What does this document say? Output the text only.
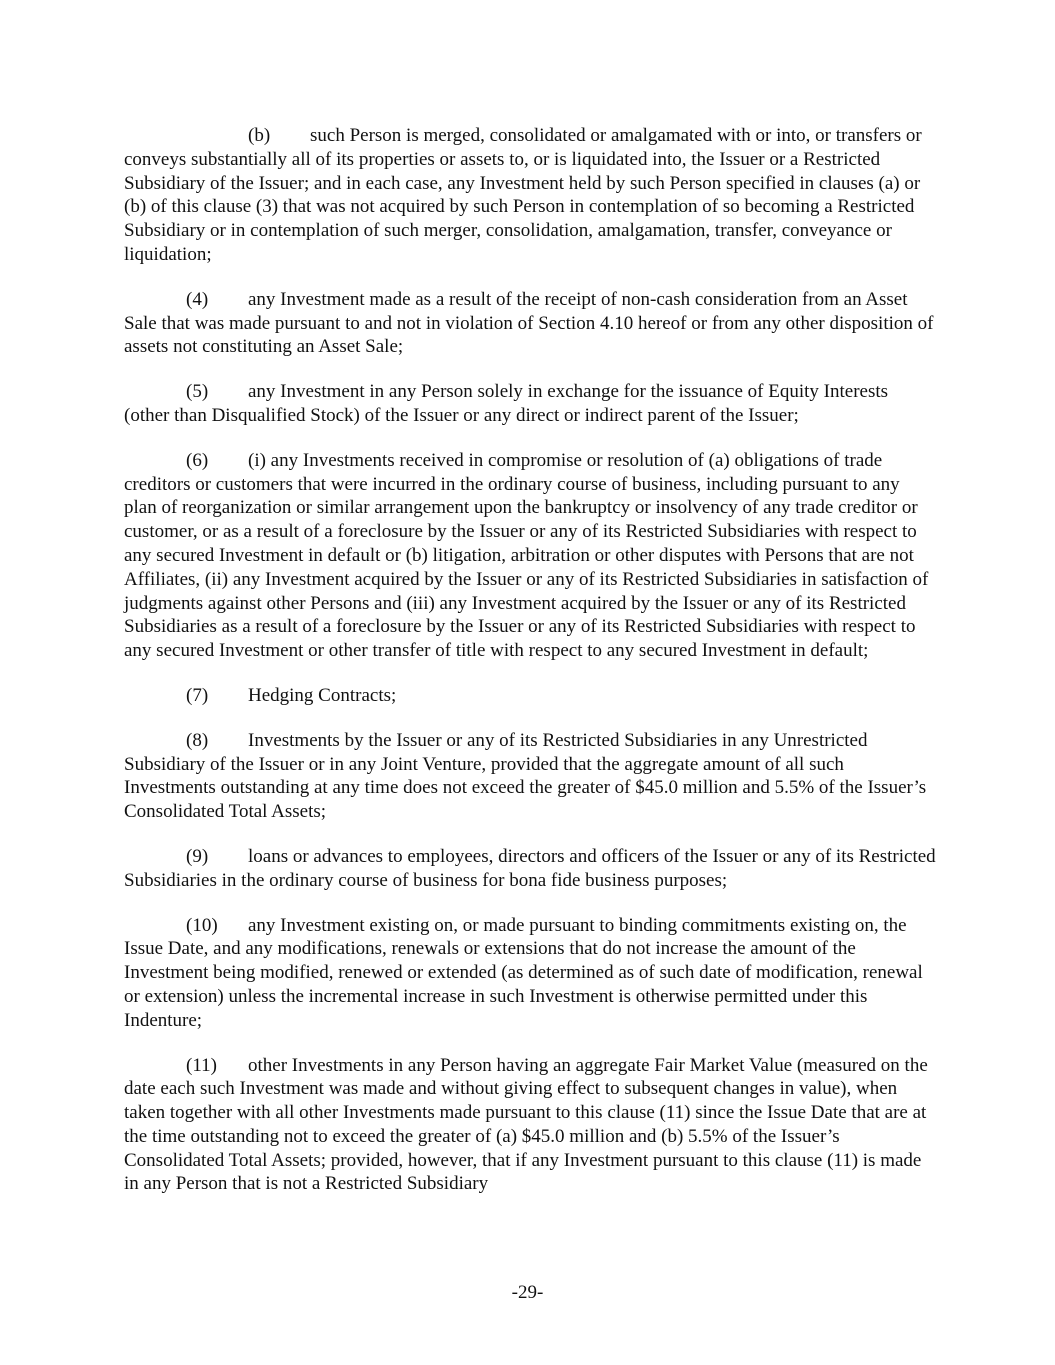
(b) such Person is merged, consolidated or amalgamated with or into, or transfers or conveys substantially all of its properties or assets to, or is liquidated into, the Issuer or a Restricted Subsidiary of the Issuer; and in each case, any Investment held by such Person specified in clauses (a) or (b) of this clause (3) that was not acquired by such Person in contemplation of so becoming a Restricted Subsidiary or in contemplation of such merger, consolidation, amalgamation, transfer, conveyance or liquidation;

(4) any Investment made as a result of the receipt of non-cash consideration from an Asset Sale that was made pursuant to and not in violation of Section 4.10 hereof or from any other disposition of assets not constituting an Asset Sale;

(5) any Investment in any Person solely in exchange for the issuance of Equity Interests (other than Disqualified Stock) of the Issuer or any direct or indirect parent of the Issuer;

(6) (i) any Investments received in compromise or resolution of (a) obligations of trade creditors or customers that were incurred in the ordinary course of business, including pursuant to any plan of reorganization or similar arrangement upon the bankruptcy or insolvency of any trade creditor or customer, or as a result of a foreclosure by the Issuer or any of its Restricted Subsidiaries with respect to any secured Investment in default or (b) litigation, arbitration or other disputes with Persons that are not Affiliates, (ii) any Investment acquired by the Issuer or any of its Restricted Subsidiaries in satisfaction of judgments against other Persons and (iii) any Investment acquired by the Issuer or any of its Restricted Subsidiaries as a result of a foreclosure by the Issuer or any of its Restricted Subsidiaries with respect to any secured Investment or other transfer of title with respect to any secured Investment in default;

(7) Hedging Contracts;

(8) Investments by the Issuer or any of its Restricted Subsidiaries in any Unrestricted Subsidiary of the Issuer or in any Joint Venture, provided that the aggregate amount of all such Investments outstanding at any time does not exceed the greater of $45.0 million and 5.5% of the Issuer’s Consolidated Total Assets;

(9) loans or advances to employees, directors and officers of the Issuer or any of its Restricted Subsidiaries in the ordinary course of business for bona fide business purposes;

(10) any Investment existing on, or made pursuant to binding commitments existing on, the Issue Date, and any modifications, renewals or extensions that do not increase the amount of the Investment being modified, renewed or extended (as determined as of such date of modification, renewal or extension) unless the incremental increase in such Investment is otherwise permitted under this Indenture;

(11) other Investments in any Person having an aggregate Fair Market Value (measured on the date each such Investment was made and without giving effect to subsequent changes in value), when taken together with all other Investments made pursuant to this clause (11) since the Issue Date that are at the time outstanding not to exceed the greater of (a) $45.0 million and (b) 5.5% of the Issuer’s Consolidated Total Assets; provided, however, that if any Investment pursuant to this clause (11) is made in any Person that is not a Restricted Subsidiary

-29-
